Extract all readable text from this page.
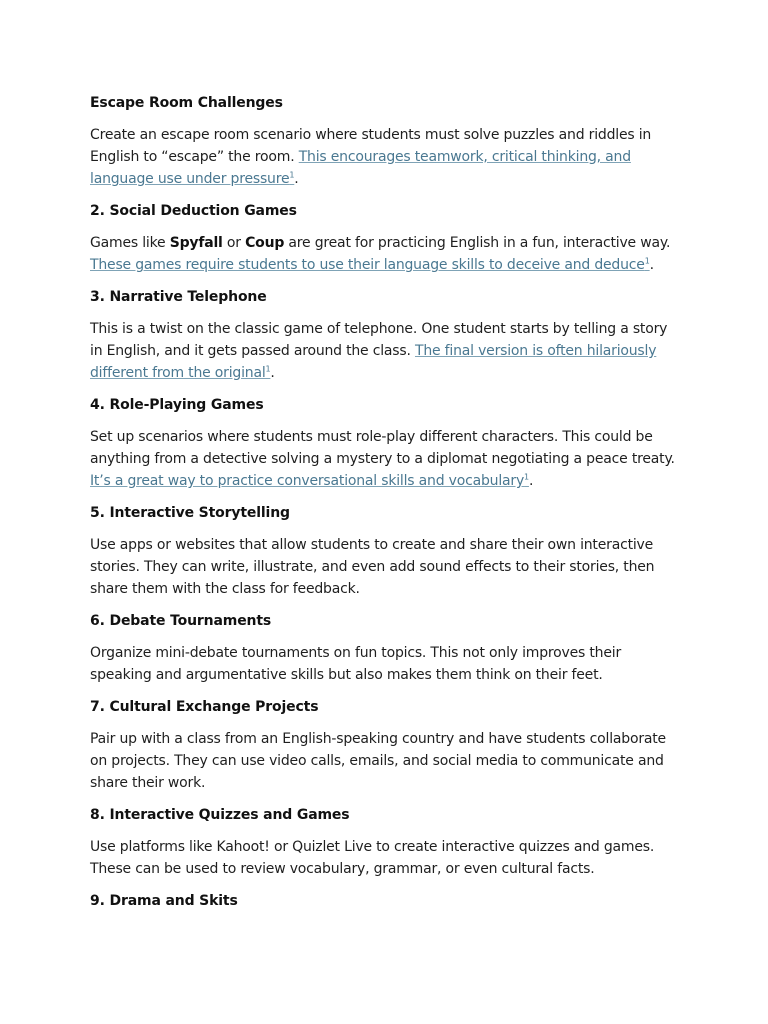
Escape Room Challenges

Create an escape room scenario where students must solve puzzles and riddles in English to “escape” the room. This encourages teamwork, critical thinking, and language use under pressure$^1$.

2. Social Deduction Games

Games like Spyfall or Coup are great for practicing English in a fun, interactive way. These games require students to use their language skills to deceive and deduce$^1$.

3. Narrative Telephone

This is a twist on the classic game of telephone. One student starts by telling a story in English, and it gets passed around the class. The final version is often hilariously different from the original$^1$.

4. Role-Playing Games

Set up scenarios where students must role-play different characters. This could be anything from a detective solving a mystery to a diplomat negotiating a peace treaty. It’s a great way to practice conversational skills and vocabulary$^1$.

5. Interactive Storytelling

Use apps or websites that allow students to create and share their own interactive stories. They can write, illustrate, and even add sound effects to their stories, then share them with the class for feedback.

6. Debate Tournaments

Organize mini-debate tournaments on fun topics. This not only improves their speaking and argumentative skills but also makes them think on their feet.

7. Cultural Exchange Projects

Pair up with a class from an English-speaking country and have students collaborate on projects. They can use video calls, emails, and social media to communicate and share their work.

8. Interactive Quizzes and Games

Use platforms like Kahoot! or Quizlet Live to create interactive quizzes and games. These can be used to review vocabulary, grammar, or even cultural facts.

9. Drama and Skits
